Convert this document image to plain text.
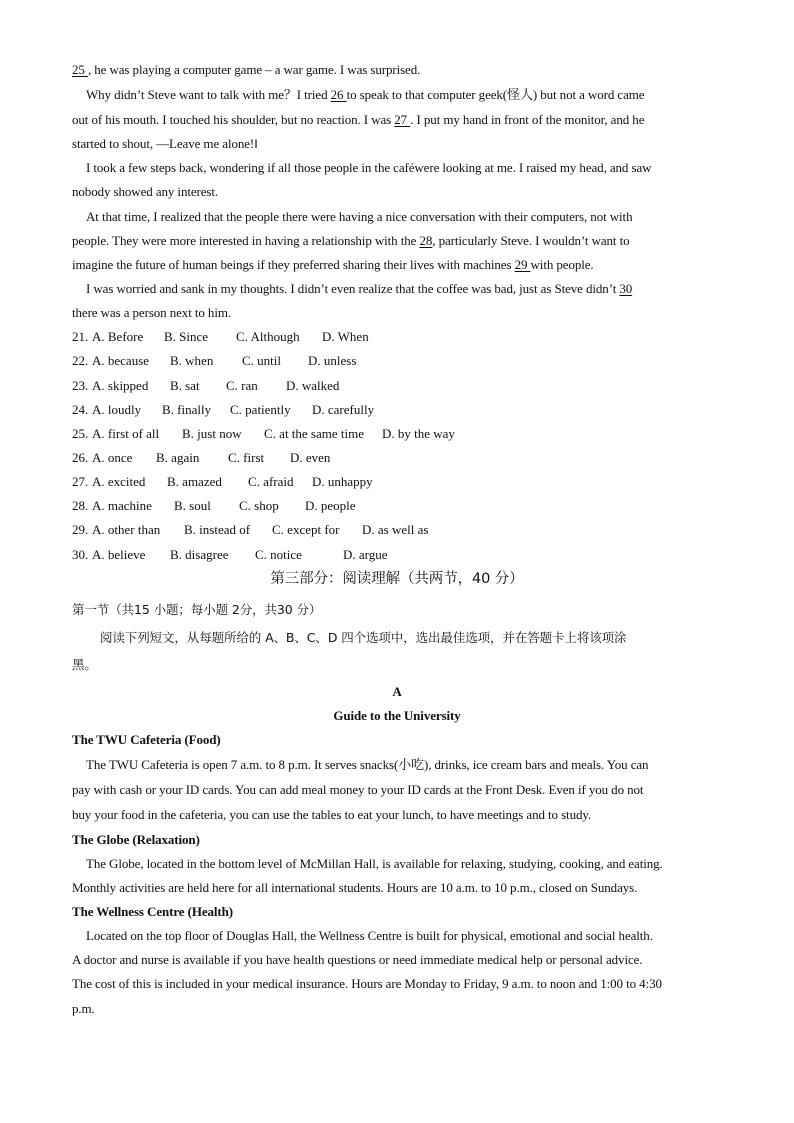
25 , he was playing a computer game – a war game. I was surprised.
Why didn’t Steve want to talk with me？I tried 26 to speak to that computer geek(怪人) but not a word came
out of his mouth. I touched his shoulder, but no reaction. I was 27 . I put my hand in front of the monitor, and he
started to shout, ―Leave me alone!‖
I took a few steps back, wondering if all those people in the caféwere looking at me. I raised my head, and saw
nobody showed any interest.
At that time, I realized that the people there were having a nice conversation with their computers, not with
people. They were more interested in having a relationship with the 28, particularly Steve. I wouldn’t want to
imagine the future of human beings if they preferred sharing their lives with machines 29 with people.
I was worried and sank in my thoughts. I didn’t even realize that the coffee was bad, just as Steve didn’t 30
there was a person next to him.
21. A. Before B. Since C. Although D. When
22. A. because B. when C. until D. unless
23. A. skipped B. sat C. ran D. walked
24. A. loudly B. finally C. patiently D. carefully
25. A. first of all B. just now C. at the same time D. by the way
26. A. once B. again C. first D. even
27. A. excited B. amazed C. afraid D. unhappy
28. A. machine B. soul C. shop D. people
29. A. other than B. instead of C. except for D. as well as
30. A. believe B. disagree C. notice	D. argue
第三部分：阅读理解（共两节，40 分）
第一节（共15 小题；每小题 2分，共30 分）
阅读下列短文，从每题所给的 A、B、C、D 四个选项中，选出最佳选项，并在答题卡上将该项涂
黑。
A
Guide to the University
The TWU Cafeteria (Food)
The TWU Cafeteria is open 7 a.m. to 8 p.m. It serves snacks(小吃), drinks, ice cream bars and meals. You can
pay with cash or your ID cards. You can add meal money to your ID cards at the Front Desk. Even if you do not
buy your food in the cafeteria, you can use the tables to eat your lunch, to have meetings and to study.
The Globe (Relaxation)
The Globe, located in the bottom level of McMillan Hall, is available for relaxing, studying, cooking, and eating.
Monthly activities are held here for all international students. Hours are 10 a.m. to 10 p.m., closed on Sundays.
The Wellness Centre (Health)
Located on the top floor of Douglas Hall, the Wellness Centre is built for physical, emotional and social health.
A doctor and nurse is available if you have health questions or need immediate medical help or personal advice.
The cost of this is included in your medical insurance. Hours are Monday to Friday, 9 a.m. to noon and 1:00 to 4:30
p.m.
